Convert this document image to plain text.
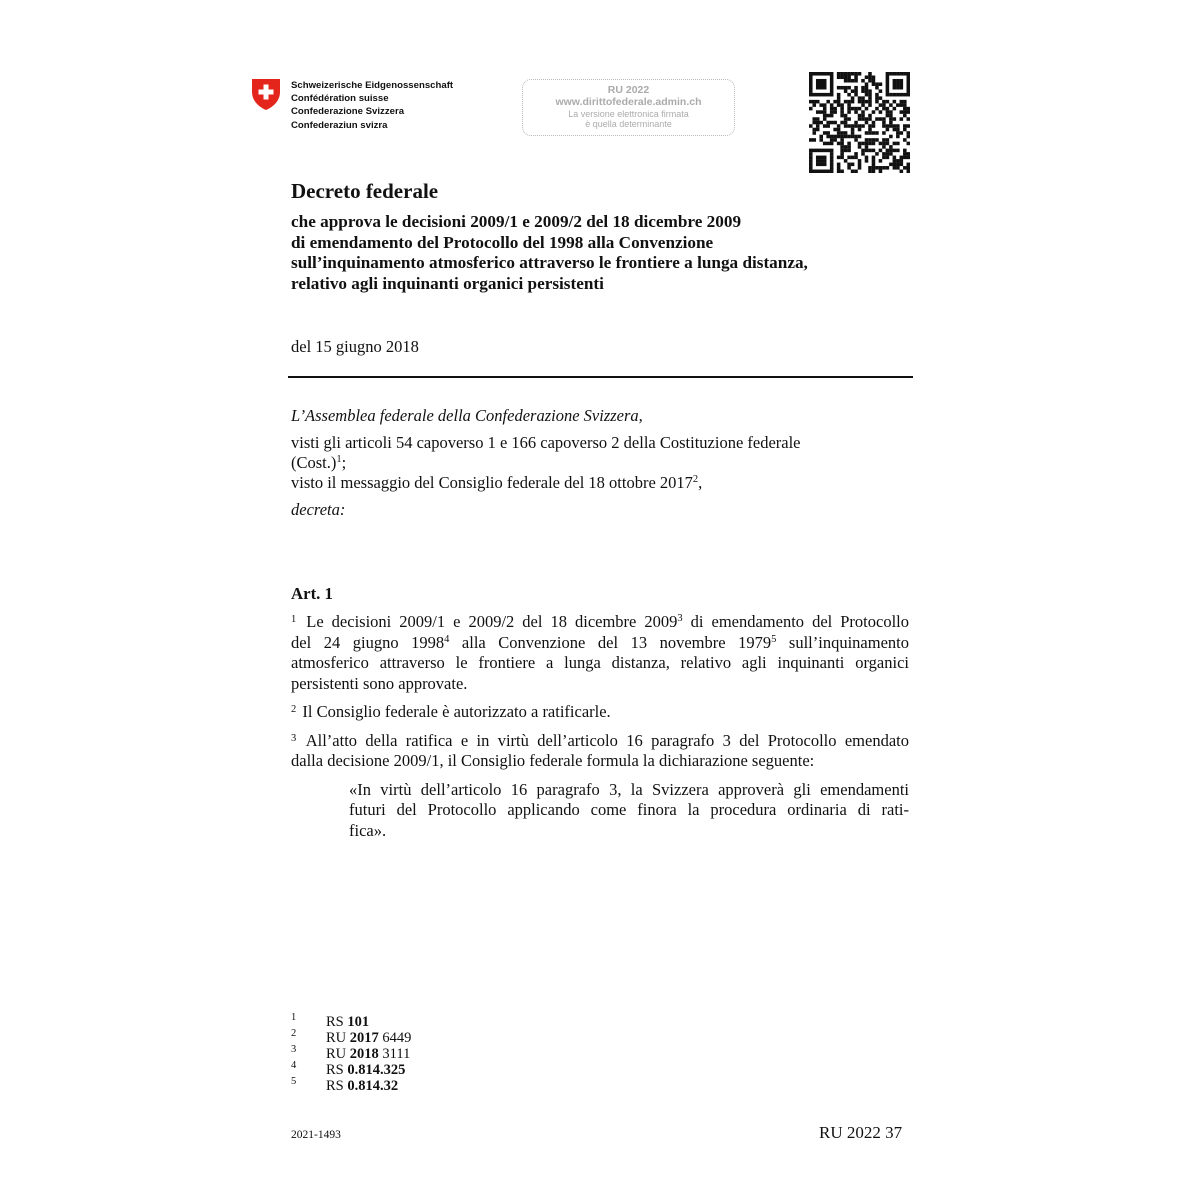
Schweizerische Eidgenossenschaft
Confédération suisse
Confederazione Svizzera
Confederaziun svizra
RU 2022
www.dirittofederale.admin.ch
La versione elettronica firmata
è quella determinante
Decreto federale
che approva le decisioni 2009/1 e 2009/2 del 18 dicembre 2009
di emendamento del Protocollo del 1998 alla Convenzione
sull’inquinamento atmosferico attraverso le frontiere a lunga distanza,
relativo agli inquinanti organici persistenti
del 15 giugno 2018

L’Assemblea federale della Confederazione Svizzera,

visti gli articoli 54 capoverso 1 e 166 capoverso 2 della Costituzione federale
(Cost.)$^1$;
visto il messaggio del Consiglio federale del 18 ottobre 2017$^2$,

decreta:

Art. 1

$^1$ Le decisioni 2009/1 e 2009/2 del 18 dicembre 2009$^3$ di emendamento del Protocollo
del 24 giugno 1998$^4$ alla Convenzione del 13 novembre 1979$^5$ sull’inquinamento
atmosferico attraverso le frontiere a lunga distanza, relativo agli inquinanti organici
persistenti sono approvate.

$^2$ Il Consiglio federale è autorizzato a ratificarle.

$^3$ All’atto della ratifica e in virtù dell’articolo 16 paragrafo 3 del Protocollo emendato
dalla decisione 2009/1, il Consiglio federale formula la dichiarazione seguente:

«In virtù dell’articolo 16 paragrafo 3, la Svizzera approverà gli emendamenti
futuri del Protocollo applicando come finora la procedura ordinaria di rati-
fica».

1	RS 101
2	RU 2017 6449
3	RU 2018 3111
4	RS 0.814.325
5	RS 0.814.32
2021-1493	RU 2022 37
